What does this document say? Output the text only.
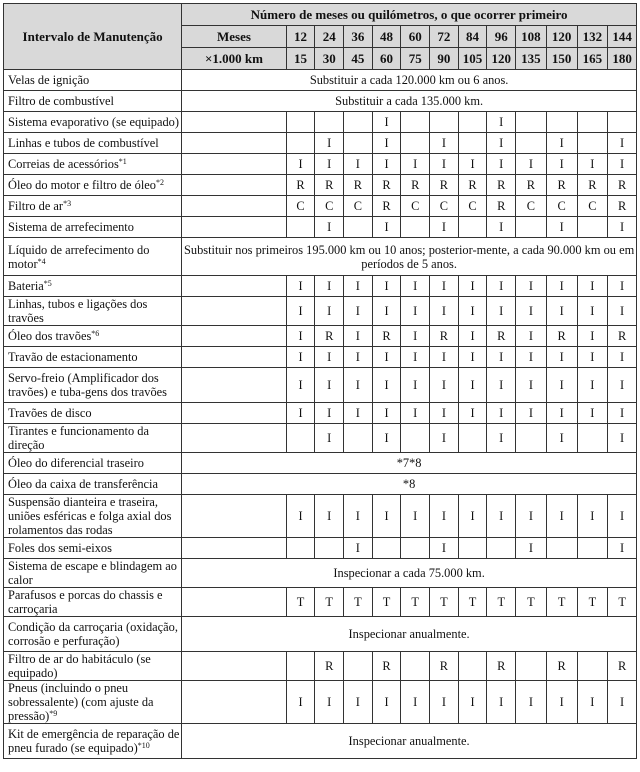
Intervalo de Manutenção	Número de meses ou quilómetros, o que ocorrer primeiro												
	Meses	12	24	36	48	60	72	84	96	108	120	132	144
	×1.000 km	15	30	45	60	75	90	105	120	135	150	165	180
Velas de ignição	Substituir a cada 120.000 km ou 6 anos.												
Filtro de combustível	Substituir a cada 135.000 km.												
Sistema evaporativo (se equipado)					I				I				
Linhas e tubos de combustível			I		I		I		I		I		I
Correias de acessórios$^{*1}$		I	I	I	I	I	I	I	I	I	I	I	I
Óleo do motor e filtro de óleo$^{*2}$		R	R	R	R	R	R	R	R	R	R	R	R
Filtro de $ar^{*3}$		C	C	C	R	C	C	C	R	C	C	C	R
Sistema de arrefecimento			I		I		I		I		I		I
Líquido de arrefecimento do motor$^{*4}$	Substituir nos primeiros 195.000 km ou 10 anos; posterior-mente, a cada 90.000 km ou em períodos de 5 anos.												
Bateria$^{*5}$		I	I	I	I	I	I	I	I	I	I	I	I
Linhas, tubos e ligações dos travões		I	I	I	I	I	I	I	I	I	I	I	I
Óleo dos travões$^{*6}$		I	R	I	R	I	R	I	R	I	R	I	R
Travão de estacionamento		I	I	I	I	I	I	I	I	I	I	I	I
Servo-freio (Amplificador dos travões) e tuba-gens dos travões		I	I	I	I	I	I	I	I	I	I	I	I
Travões de disco		I	I	I	I	I	I	I	I	I	I	I	I
Tirantes e funcionamento da direção			I		I		I		I		I		I
Óleo do diferencial traseiro	*7*8												
Óleo da caixa de transferência	*8												
Suspensão dianteira e traseira, uniões esféricas e folga axial dos rolamentos das rodas		I	I	I	I	I	I	I	I	I	I	I	I
Foles dos semi-eixos				I			I			I			I
Sistema de escape e blindagem ao calor	Inspecionar a cada 75.000 km.												
Parafusos e porcas do chassis e carroçaria		T	T	T	T	T	T	T	T	T	T	T	T
Condição da carroçaria (oxidação, corrosão e perfuração)	Inspecionar anualmente.												
Filtro de ar do habitáculo (se equipado)			R		R		R		R		R		R
Pneus (incluindo o pneu sobressalente) (com ajuste da pressão)$^{*9}$		I	I	I	I	I	I	I	I	I	I	I	I
Kit de emergência de reparação de pneu furado (se equipado)$^{*10}$	Inspecionar anualmente.												
